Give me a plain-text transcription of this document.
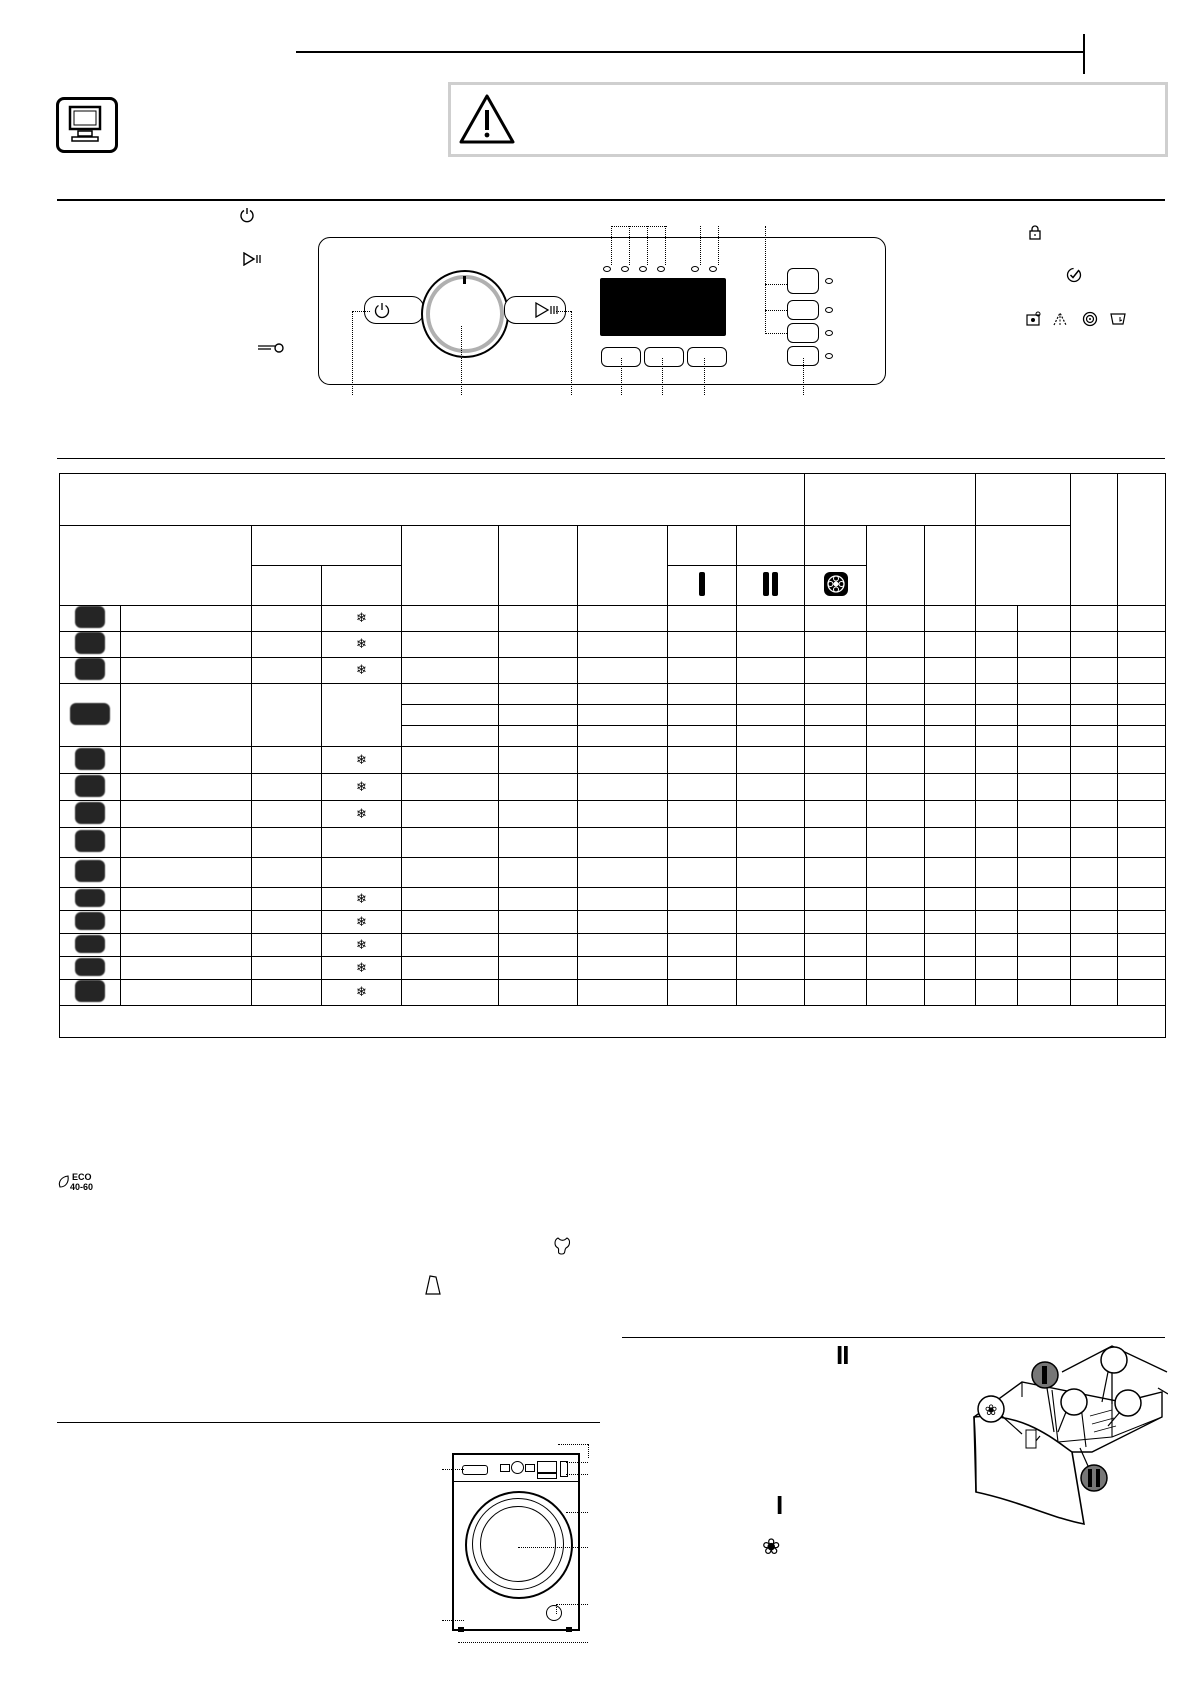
			❄													
			❄													
			❄													

			❄													
			❄													
			❄													

			❄													
			❄													
			❄													
			❄													
			❄													

ECO
40-60
II
I
❀
❀
